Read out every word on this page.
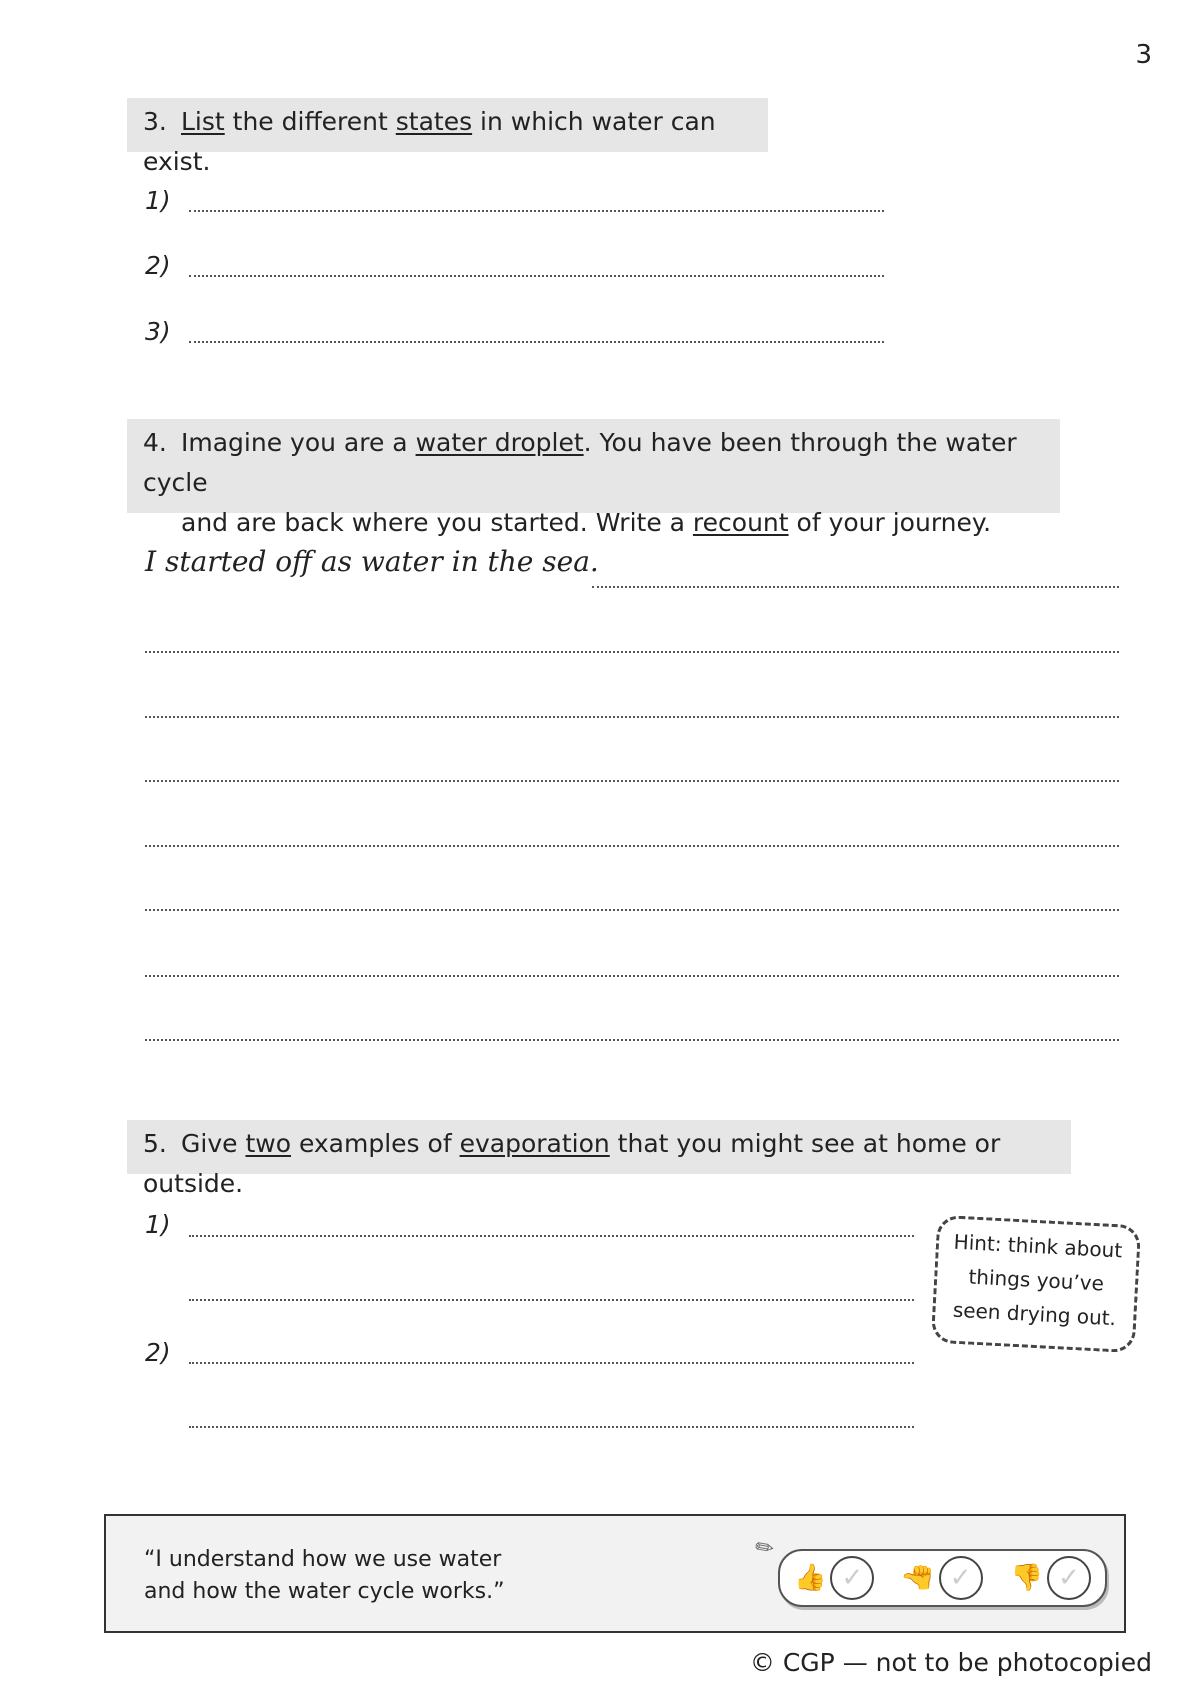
3
3. List the different states in which water can exist.
1)
2)
3)
4. Imagine you are a water droplet. You have been through the water cycle
and are back where you started. Write a recount of your journey.
I started off as water in the sea.
5. Give two examples of evaporation that you might see at home or outside.
1)
2)
Hint: think about
things you’ve
seen drying out.
“I understand how we use water
and how the water cycle works.”
✎
👍 ✓	👍 ✓	👎 ✓
© CGP — not to be photocopied
